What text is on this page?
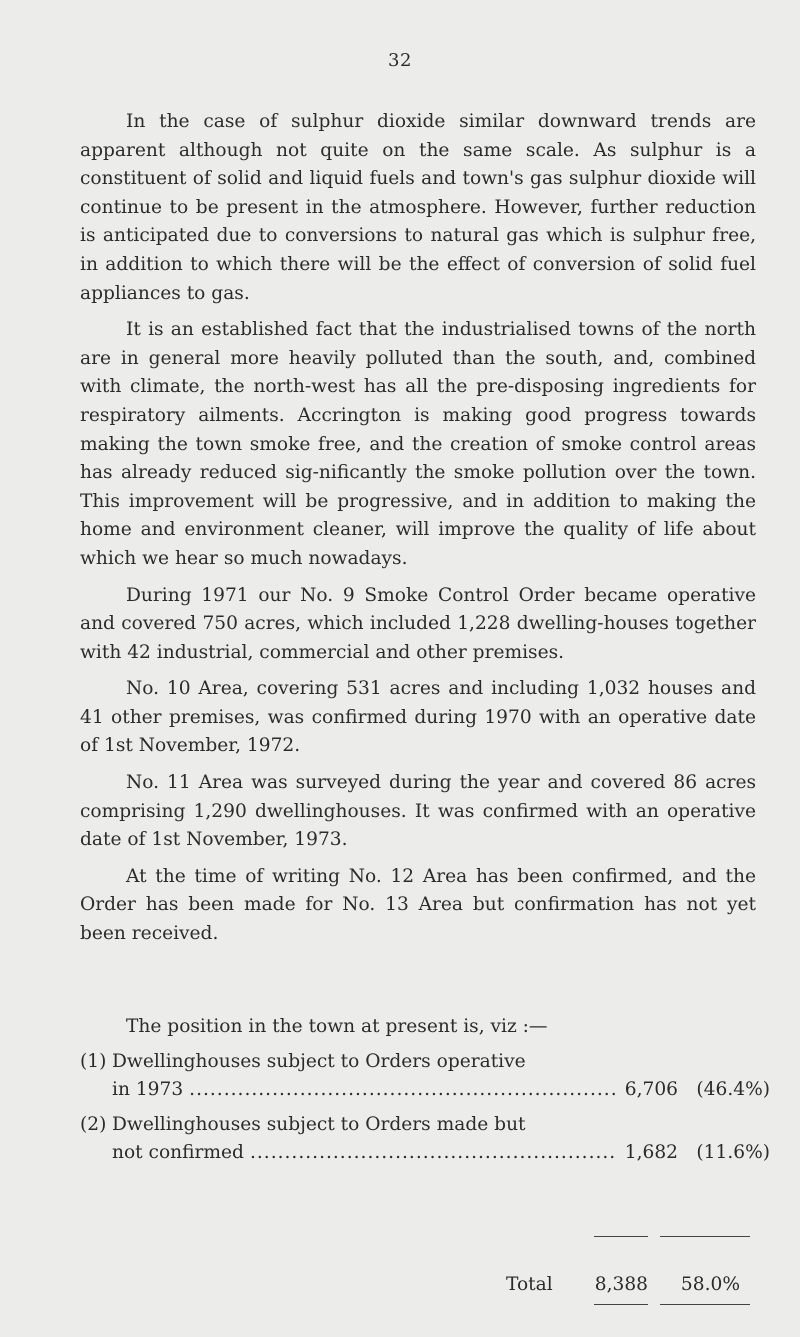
32

In the case of sulphur dioxide similar downward trends are apparent although not quite on the same scale. As sulphur is a constituent of solid and liquid fuels and town's gas sulphur dioxide will continue to be present in the atmosphere. However, further reduction is anticipated due to conversions to natural gas which is sulphur free, in addition to which there will be the effect of conversion of solid fuel appliances to gas.

It is an established fact that the industrialised towns of the north are in general more heavily polluted than the south, and, combined with climate, the north-west has all the pre-disposing ingredients for respiratory ailments. Accrington is making good progress towards making the town smoke free, and the creation of smoke control areas has already reduced sig-nificantly the smoke pollution over the town. This improvement will be progressive, and in addition to making the home and environment cleaner, will improve the quality of life about which we hear so much nowadays.

During 1971 our No. 9 Smoke Control Order became operative and covered 750 acres, which included 1,228 dwelling-houses together with 42 industrial, commercial and other premises.

No. 10 Area, covering 531 acres and including 1,032 houses and 41 other premises, was confirmed during 1970 with an operative date of 1st November, 1972.

No. 11 Area was surveyed during the year and covered 86 acres comprising 1,290 dwellinghouses. It was confirmed with an operative date of 1st November, 1973.

At the time of writing No. 12 Area has been confirmed, and the Order has been made for No. 13 Area but confirmation has not yet been received.

The position in the town at present is, viz :—
(1) Dwellinghouses subject to Orders operative
in 1973 .....	6,706 (46.4%)
(2) Dwellinghouses subject to Orders made but
not confirmed .....	1,682 (11.6%)
Total	8,388	58.0%
